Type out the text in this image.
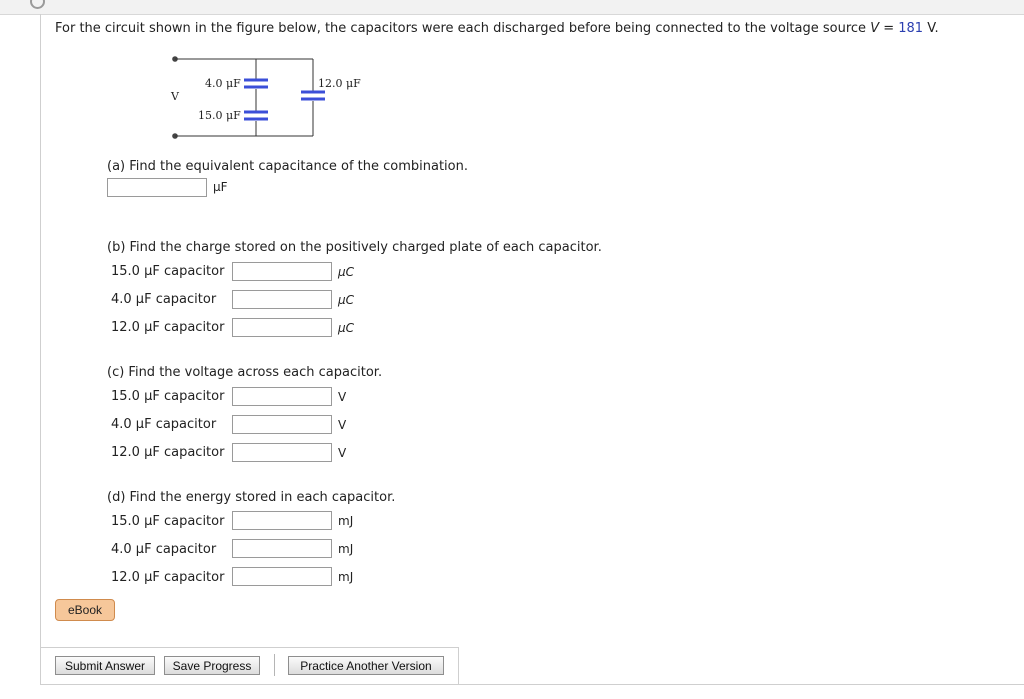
For the circuit shown in the figure below, the capacitors were each discharged before being connected to the voltage source V = 181 V.
V
4.0 μF
15.0 μF
12.0 μF
(a) Find the equivalent capacitance of the combination.
μF
(b) Find the charge stored on the positively charged plate of each capacitor.
15.0 μF capacitor	μC
4.0 μF capacitor	μC
12.0 μF capacitor	μC
(c) Find the voltage across each capacitor.
15.0 μF capacitor	V
4.0 μF capacitor	V
12.0 μF capacitor	V
(d) Find the energy stored in each capacitor.
15.0 μF capacitor	mJ
4.0 μF capacitor	mJ
12.0 μF capacitor	mJ
eBook
Submit Answer	Save Progress	Practice Another Version
